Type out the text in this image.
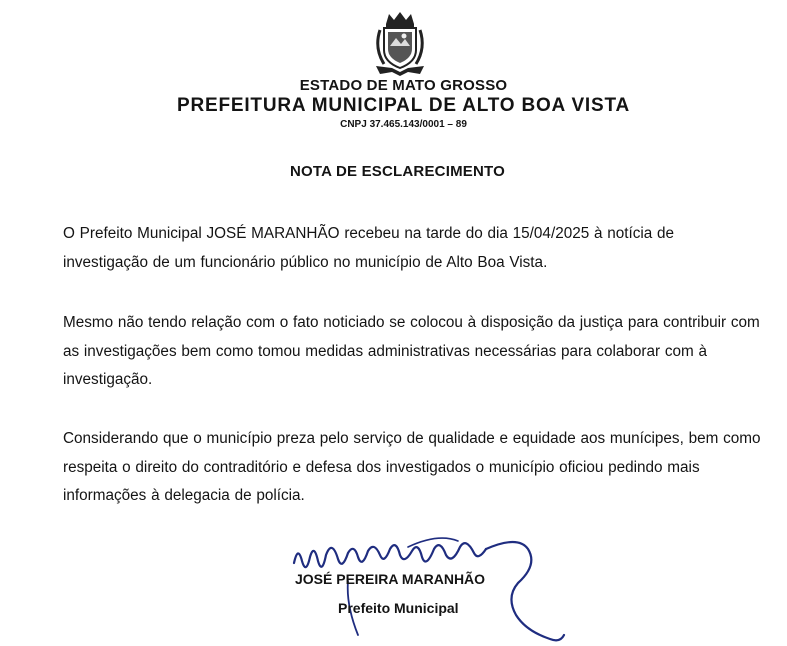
ESTADO DE MATO GROSSO

PREFEITURA MUNICIPAL DE ALTO BOA VISTA

CNPJ 37.465.143/0001 – 89

NOTA DE ESCLARECIMENTO

O Prefeito Municipal JOSÉ MARANHÃO recebeu na tarde do dia 15/04/2025 à notícia de investigação de um funcionário público no município de Alto Boa Vista.

Mesmo não tendo relação com o fato noticiado se colocou à disposição da justiça para contribuir com as investigações bem como tomou medidas administrativas necessárias para colaborar com à investigação.

Considerando que o município preza pelo serviço de qualidade e equidade aos munícipes, bem como respeita o direito do contraditório e defesa dos investigados o município oficiou pedindo mais informações à delegacia de polícia.

JOSÉ PEREIRA MARANHÃO

Prefeito Municipal
